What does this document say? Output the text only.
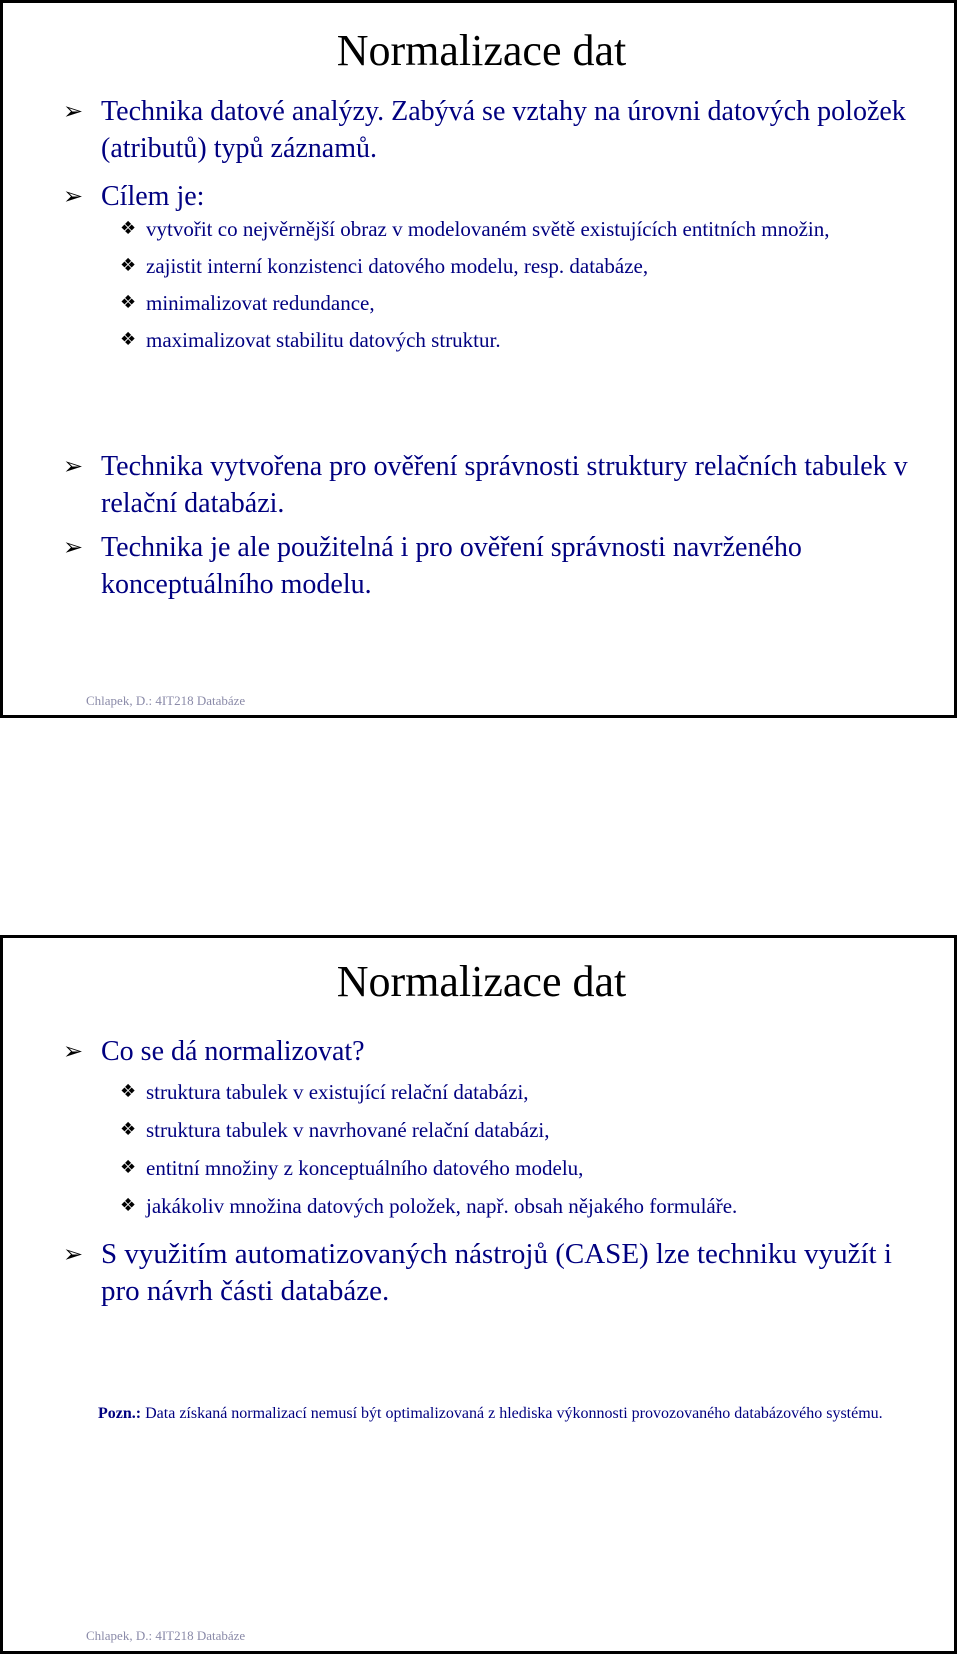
Normalizace dat
➢ Technika datové analýzy. Zabývá se vztahy na úrovni datových položek (atributů) typů záznamů.
➢ Cílem je:
❖ vytvořit co nejvěrnější obraz v modelovaném světě existujících entitních množin,
❖ zajistit interní konzistenci datového modelu, resp. databáze,
❖ minimalizovat redundance,
❖ maximalizovat stabilitu datových struktur.
➢ Technika vytvořena pro ověření správnosti struktury relačních tabulek v relační databázi.
➢ Technika je ale použitelná i pro ověření správnosti navrženého konceptuálního modelu.
Chlapek, D.: 4IT218 Databáze
Normalizace dat
➢ Co se dá normalizovat?
❖ struktura tabulek v existující relační databázi,
❖ struktura tabulek v navrhované relační databázi,
❖ entitní množiny z konceptuálního datového modelu,
❖ jakákoliv množina datových položek, např. obsah nějakého formuláře.
➢ S využitím automatizovaných nástrojů (CASE) lze techniku využít i pro návrh části databáze.
Pozn.: Data získaná normalizací nemusí být optimalizovaná z hlediska výkonnosti provozovaného databázového systému.
Chlapek, D.: 4IT218 Databáze
